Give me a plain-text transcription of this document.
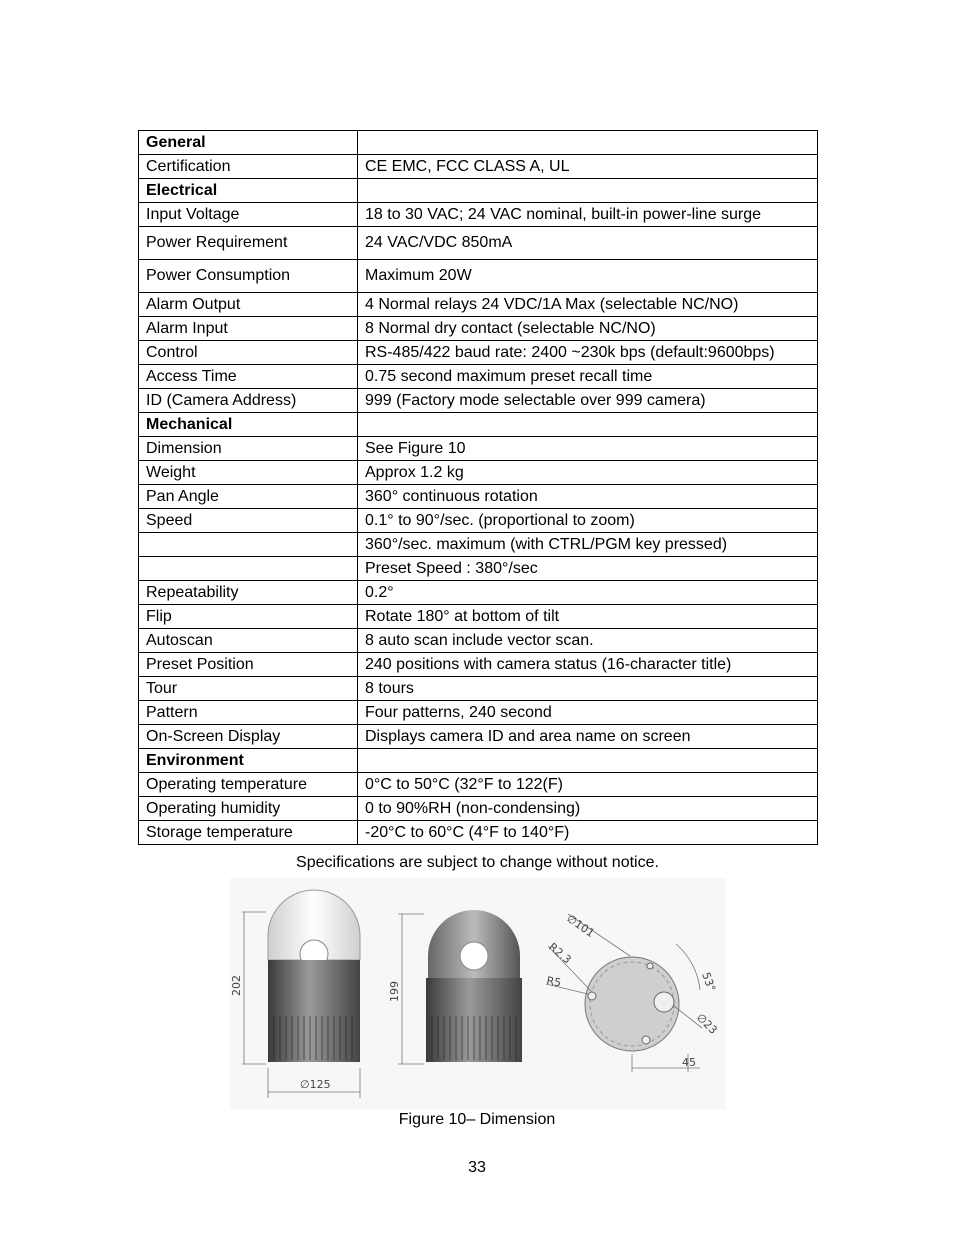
General	
Certification	CE EMC, FCC CLASS A, UL
Electrical	
Input Voltage	18 to 30 VAC; 24 VAC nominal, built-in power-line surge
Power Requirement	24 VAC/VDC 850mA
Power Consumption	Maximum 20W
Alarm Output	4 Normal relays 24 VDC/1A Max (selectable NC/NO)
Alarm Input	8 Normal dry contact (selectable NC/NO)
Control	RS-485/422 baud rate: 2400 ~230k bps (default:9600bps)
Access Time	0.75 second maximum preset recall time
ID (Camera Address)	999 (Factory mode selectable over 999 camera)
Mechanical	
Dimension	See Figure 10
Weight	Approx 1.2 kg
Pan Angle	360° continuous rotation
Speed	0.1° to 90°/sec. (proportional to zoom)
	360°/sec. maximum (with CTRL/PGM key pressed)
	Preset Speed : 380°/sec
Repeatability	0.2°
Flip	Rotate 180° at bottom of tilt
Autoscan	8 auto scan include vector scan.
Preset Position	240 positions with camera status (16-character title)
Tour	8 tours
Pattern	Four patterns, 240 second
On-Screen Display	Displays camera ID and area name on screen
Environment	
Operating temperature	0°C to 50°C (32°F to 122(F)
Operating humidity	0 to 90%RH (non-condensing)
Storage temperature	-20°C to 60°C (4°F to 140°F)
Specifications are subject to change without notice.
202
∅125
199
∅101
R2.3
R5	53°
∅23
45
Figure 10– Dimension
33
